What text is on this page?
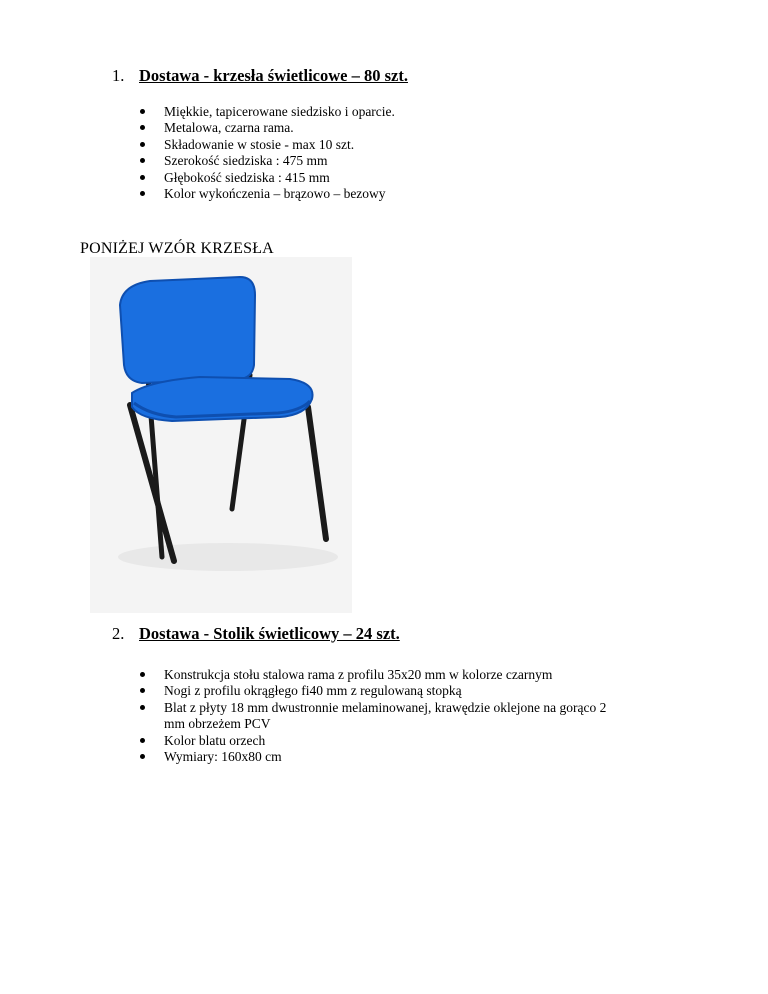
1. Dostawa - krzesła świetlicowe – 80 szt.
Miękkie, tapicerowane siedzisko i oparcie.
Metalowa, czarna rama.
Składowanie w stosie - max 10 szt.
Szerokość siedziska : 475 mm
Głębokość siedziska : 415 mm
Kolor wykończenia – brązowo – bezowy
PONIŻEJ WZÓR KRZESŁA
2. Dostawa - Stolik świetlicowy – 24 szt.
Konstrukcja stołu stalowa rama z profilu 35x20 mm w kolorze czarnym
Nogi z profilu okrągłego fi40 mm z regulowaną stopką
Blat z płyty 18 mm dwustronnie melaminowanej, krawędzie oklejone na gorąco 2
mm obrzeżem PCV
Kolor blatu orzech
Wymiary: 160x80 cm
